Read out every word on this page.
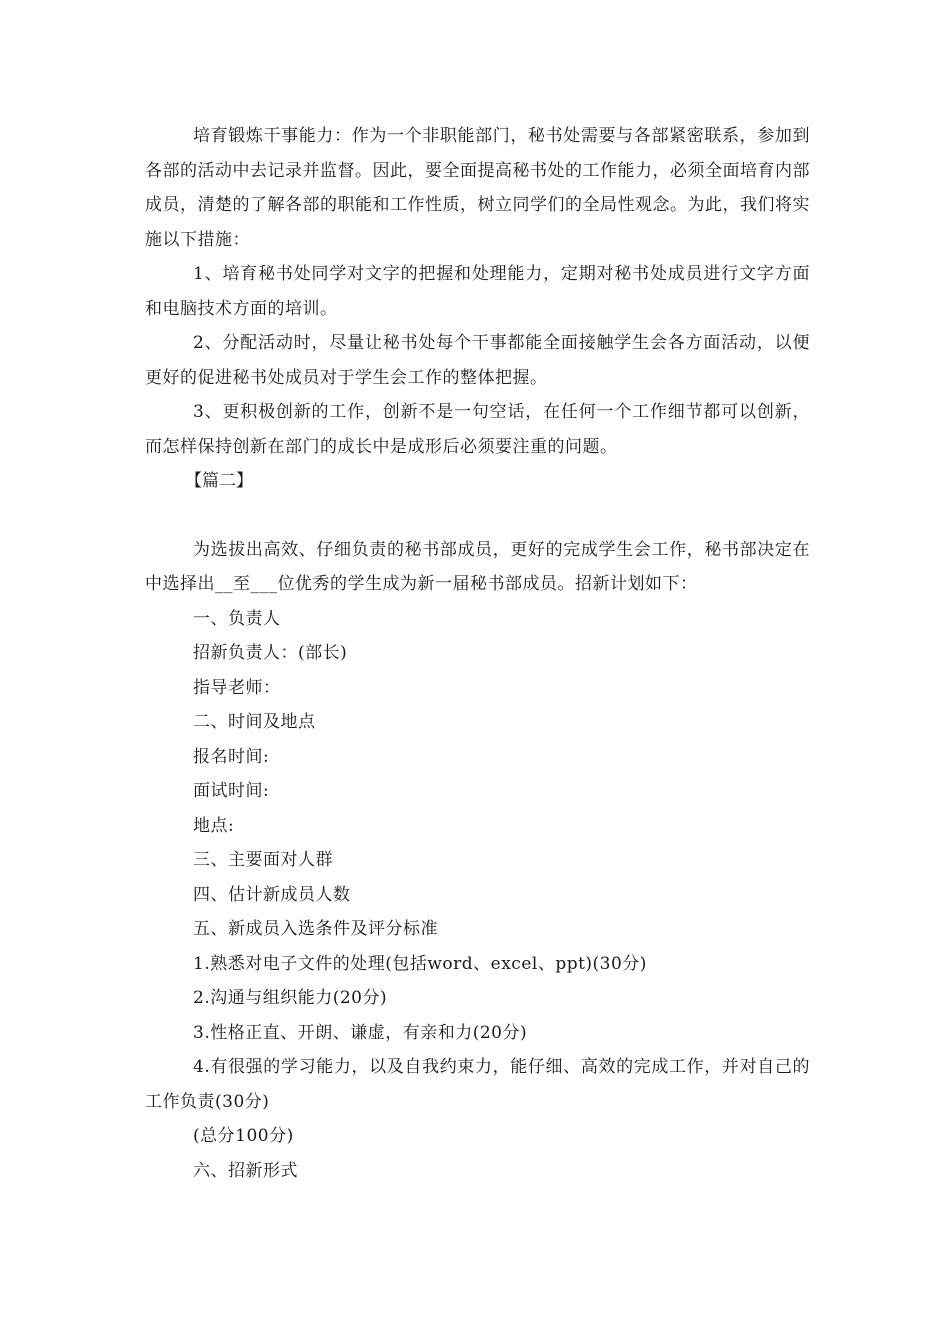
培育锻炼干事能力：作为一个非职能部门，秘书处需要与各部紧密联系，参加到各部的活动中去记录并监督。因此，要全面提高秘书处的工作能力，必须全面培育内部成员，清楚的了解各部的职能和工作性质，树立同学们的全局性观念。为此，我们将实施以下措施：

1、培育秘书处同学对文字的把握和处理能力，定期对秘书处成员进行文字方面和电脑技术方面的培训。

2、分配活动时，尽量让秘书处每个干事都能全面接触学生会各方面活动，以便更好的促进秘书处成员对于学生会工作的整体把握。

3、更积极创新的工作，创新不是一句空话，在任何一个工作细节都可以创新，而怎样保持创新在部门的成长中是成形后必须要注重的问题。

【篇二】

为选拔出高效、仔细负责的秘书部成员，更好的完成学生会工作，秘书部决定在中选择出__至___位优秀的学生成为新一届秘书部成员。招新计划如下：

一、负责人

招新负责人：(部长)

指导老师：

二、时间及地点

报名时间:

面试时间:

地点:

三、主要面对人群

四、估计新成员人数

五、新成员入选条件及评分标准

1.熟悉对电子文件的处理(包括word、excel、ppt)(30分)

2.沟通与组织能力(20分)

3.性格正直、开朗、谦虚，有亲和力(20分)

4.有很强的学习能力，以及自我约束力，能仔细、高效的完成工作，并对自己的工作负责(30分)

(总分100分)

六、招新形式
